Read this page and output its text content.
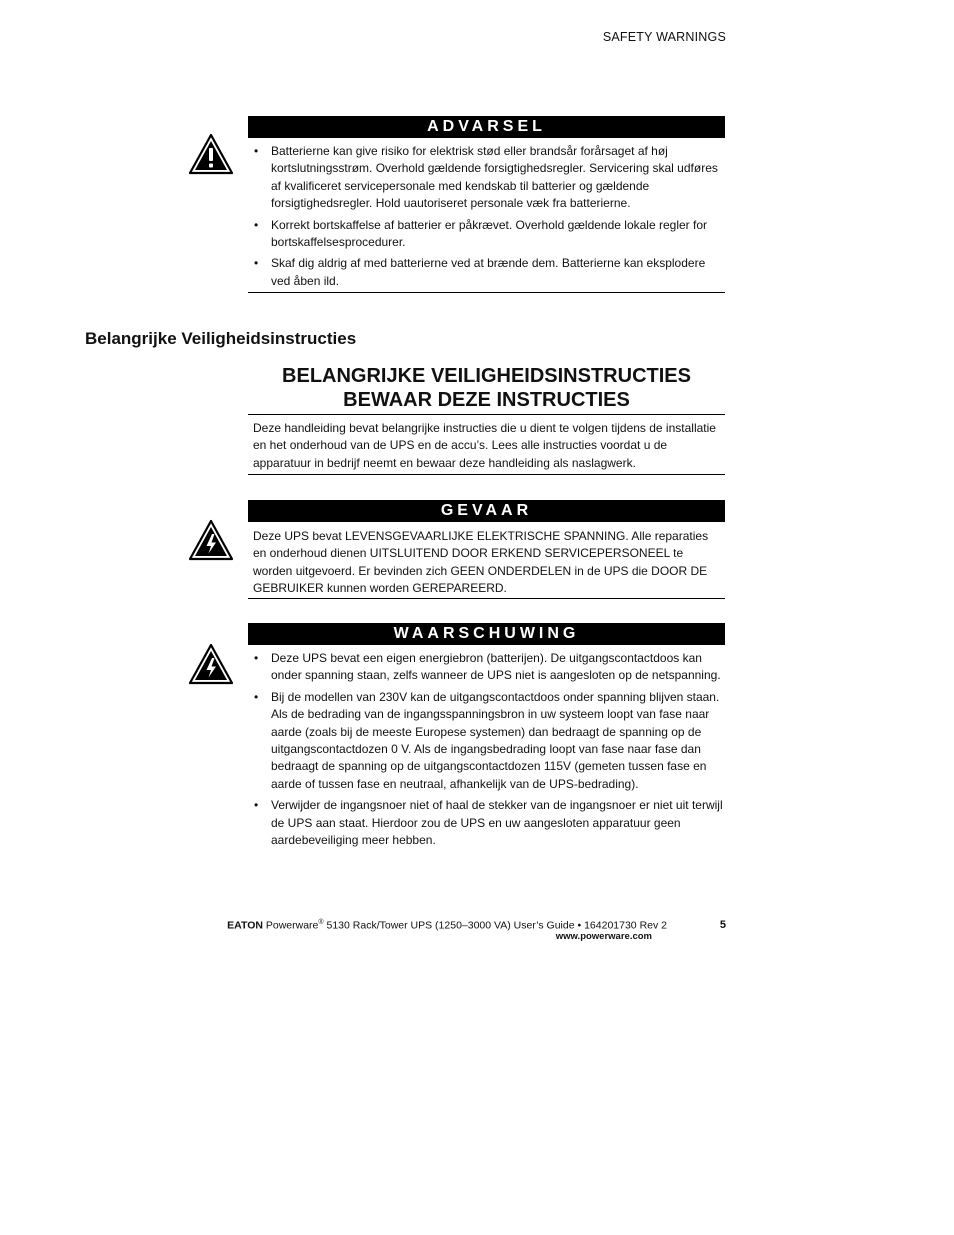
SAFETY WARNINGS
ADVARSEL
• Batterierne kan give risiko for elektrisk stød eller brandsår forårsaget af høj kortslutningsstrøm. Overhold gældende forsigtighedsregler. Servicering skal udføres af kvalificeret servicepersonale med kendskab til batterier og gældende forsigtighedsregler. Hold uautoriseret personale væk fra batterierne.
• Korrekt bortskaffelse af batterier er påkrævet. Overhold gældende lokale regler for bortskaffelsesprocedurer.
• Skaf dig aldrig af med batterierne ved at brænde dem. Batterierne kan eksplodere ved åben ild.
Belangrijke Veiligheidsinstructies
BELANGRIJKE VEILIGHEIDSINSTRUCTIES
BEWAAR DEZE INSTRUCTIES
Deze handleiding bevat belangrijke instructies die u dient te volgen tijdens de installatie en het onderhoud van de UPS en de accu’s. Lees alle instructies voordat u de apparatuur in bedrijf neemt en bewaar deze handleiding als naslagwerk.
GEVAAR
Deze UPS bevat LEVENSGEVAARLIJKE ELEKTRISCHE SPANNING. Alle reparaties en onderhoud dienen UITSLUITEND DOOR ERKEND SERVICEPERSONEEL te worden uitgevoerd. Er bevinden zich GEEN ONDERDELEN in de UPS die DOOR DE GEBRUIKER kunnen worden GEREPAREERD.
WAARSCHUWING
• Deze UPS bevat een eigen energiebron (batterijen). De uitgangscontactdoos kan onder spanning staan, zelfs wanneer de UPS niet is aangesloten op de netspanning.
• Bij de modellen van 230V kan de uitgangscontactdoos onder spanning blijven staan. Als de bedrading van de ingangsspanningsbron in uw systeem loopt van fase naar aarde (zoals bij de meeste Europese systemen) dan bedraagt de spanning op de uitgangscontactdozen 0 V. Als de ingangsbedrading loopt van fase naar fase dan bedraagt de spanning op de uitgangscontactdozen 115V (gemeten tussen fase en aarde of tussen fase en neutraal, afhankelijk van de UPS-bedrading).
• Verwijder de ingangsnoer niet of haal de stekker van de ingangsnoer er niet uit terwijl de UPS aan staat. Hierdoor zou de UPS en uw aangesloten apparatuur geen aardebeveiliging meer hebben.
EATON Powerware® 5130 Rack/Tower UPS (1250–3000 VA) User’s Guide • 164201730 Rev 2
www.powerware.com
5
